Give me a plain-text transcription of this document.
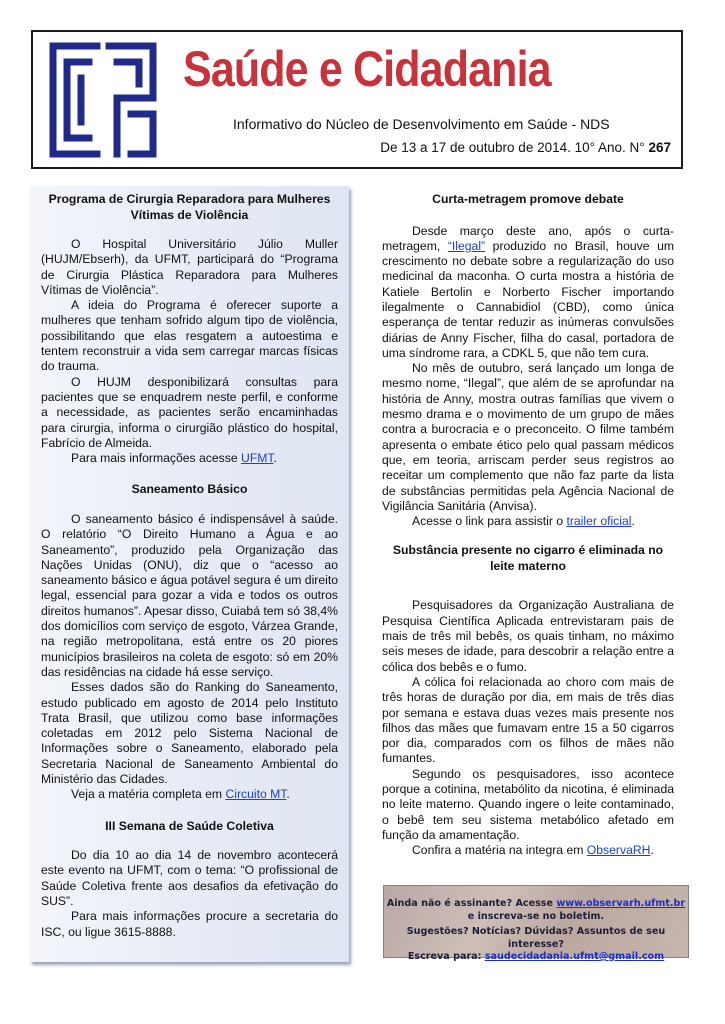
Saúde e Cidadania
Informativo do Núcleo de Desenvolvimento em Saúde - NDS
De 13 a 17 de outubro de 2014. 10° Ano. N° 267
Programa de Cirurgia Reparadora para Mulheres Vítimas de Violência

O Hospital Universitário Júlio Muller (HUJM/Ebserh), da UFMT, participará do “Programa de Cirurgia Plástica Reparadora para Mulheres Vítimas de Violência”.

A ideia do Programa é oferecer suporte a mulheres que tenham sofrido algum tipo de violência, possibilitando que elas resgatem a autoestima e tentem reconstruir a vida sem carregar marcas físicas do trauma.

O HUJM desponibilizará consultas para pacientes que se enquadrem neste perfil, e conforme a necessidade, as pacientes serão encaminhadas para cirurgia, informa o cirurgião plástico do hospital, Fabrício de Almeida.

Para mais informações acesse UFMT.

Saneamento Básico

O saneamento básico é indispensável à saúde. O relatório “O Direito Humano a Água e ao Saneamento”, produzido pela Organização das Nações Unidas (ONU), diz que o “acesso ao saneamento básico e água potável segura é um direito legal, essencial para gozar a vida e todos os outros direitos humanos”. Apesar disso, Cuiabá tem só 38,4% dos domicílios com serviço de esgoto, Várzea Grande, na região metropolitana, está entre os 20 piores municípios brasileiros na coleta de esgoto: só em 20% das residências na cidade há esse serviço.

Esses dados são do Ranking do Saneamento, estudo publicado em agosto de 2014 pelo Instituto Trata Brasil, que utilizou como base informações coletadas em 2012 pelo Sistema Nacional de Informações sobre o Saneamento, elaborado pela Secretaria Nacional de Saneamento Ambiental do Ministério das Cidades.

Veja a matéria completa em Circuito MT.

III Semana de Saúde Coletiva

Do dia 10 ao dia 14 de novembro acontecerá este evento na UFMT, com o tema: “O profissional de Saúde Coletiva frente aos desafios da efetivação do SUS”.

Para mais informações procure a secretaria do ISC, ou ligue 3615-8888.

Curta-metragem promove debate

Desde março deste ano, após o curta-metragem, “Ilegal” produzido no Brasil, houve um crescimento no debate sobre a regularização do uso medicinal da maconha. O curta mostra a história de Katiele Bertolin e Norberto Fischer importando ilegalmente o Cannabidiol (CBD), como única esperança de tentar reduzir as inúmeras convulsões diárias de Anny Fischer, filha do casal, portadora de uma síndrome rara, a CDKL 5, que não tem cura.

No mês de outubro, será lançado um longa de mesmo nome, “Ilegal”, que além de se aprofundar na história de Anny, mostra outras famílias que vivem o mesmo drama e o movimento de um grupo de mães contra a burocracia e o preconceito. O filme também apresenta o embate ético pelo qual passam médicos que, em teoria, arriscam perder seus registros ao receitar um complemento que não faz parte da lista de substâncias permitidas pela Agência Nacional de Vigilância Sanitária (Anvisa).

Acesse o link para assistir o trailer oficial.

Substância presente no cigarro é eliminada no leite materno

Pesquisadores da Organização Australiana de Pesquisa Científica Aplicada entrevistaram pais de mais de três mil bebês, os quais tinham, no máximo seis meses de idade, para descobrir a relação entre a cólica dos bebês e o fumo.

A cólica foi relacionada ao choro com mais de três horas de duração por dia, em mais de três dias por semana e estava duas vezes mais presente nos filhos das mães que fumavam entre 15 a 50 cigarros por dia, comparados com os filhos de mães não fumantes.

Segundo os pesquisadores, isso acontece porque a cotinina, metabólito da nicotina, é eliminada no leite materno. Quando ingere o leite contaminado, o bebê tem seu sistema metabólico afetado em função da amamentação.

Confira a matéria na integra em ObservaRH.

Ainda não é assinante? Acesse www.observarh.ufmt.br
e inscreva-se no boletim.
Sugestões? Notícias? Dúvidas? Assuntos de seu interesse?
Escreva para: saudecidadania.ufmt@gmail.com
